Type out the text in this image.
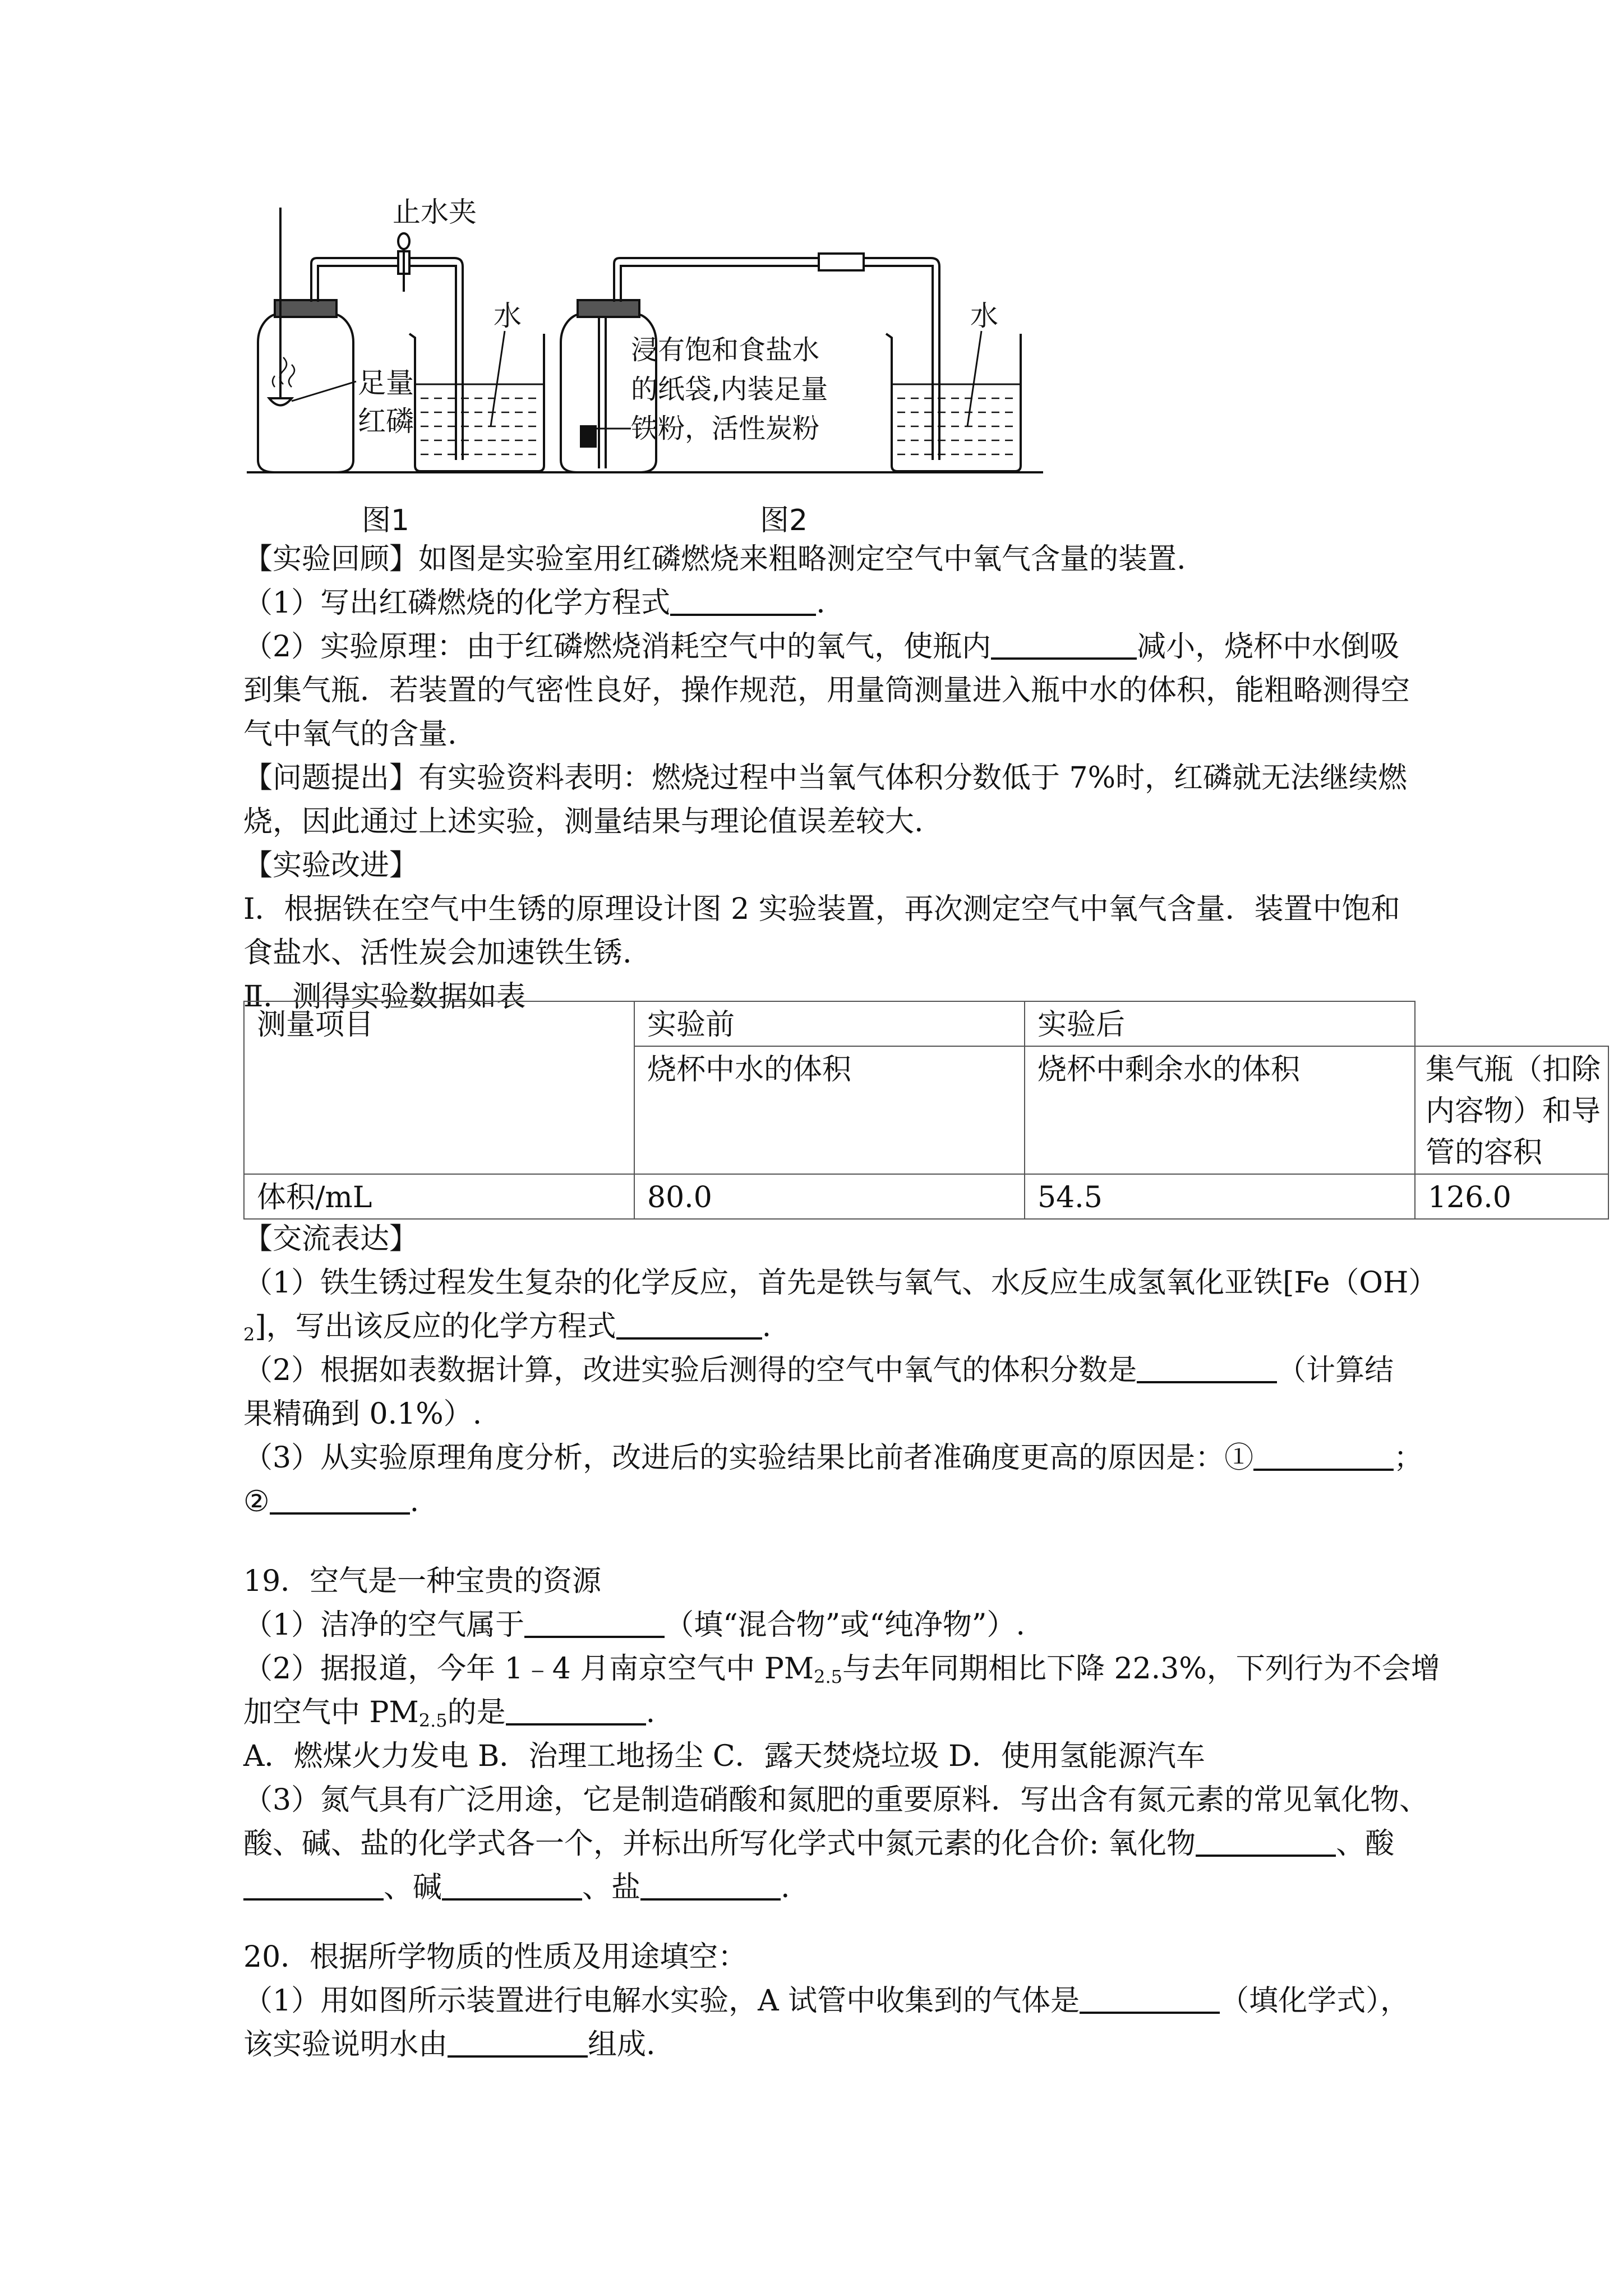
止水夹
水
足量
红磷
浸有饱和食盐水
的纸袋,内装足量
铁粉，活性炭粉
水
图1	图2
【实验回顾】如图是实验室用红磷燃烧来粗略测定空气中氧气含量的装置.
（1）写出红磷燃烧的化学方程式	.
（2）实验原理：由于红磷燃烧消耗空气中的氧气，使瓶内	减小，烧杯中水倒吸
到集气瓶．若装置的气密性良好，操作规范，用量筒测量进入瓶中水的体积，能粗略测得空
气中氧气的含量.
【问题提出】有实验资料表明：燃烧过程中当氧气体积分数低于 7%时，红磷就无法继续燃
烧，因此通过上述实验，测量结果与理论值误差较大.
【实验改进】
Ⅰ．根据铁在空气中生锈的原理设计图 2 实验装置，再次测定空气中氧气含量．装置中饱和
食盐水、活性炭会加速铁生锈.
Ⅱ．测得实验数据如表
测量项目	实验前	实验后	
	烧杯中水的体积	烧杯中剩余水的体积	集气瓶（扣除
内容物）和导
管的容积

体积/mL	80.0	54.5	126.0
【交流表达】
（1）铁生锈过程发生复杂的化学反应，首先是铁与氧气、水反应生成氢氧化亚铁[Fe（OH）
$_2$]，写出该反应的化学方程式	.
（2）根据如表数据计算，改进实验后测得的空气中氧气的体积分数是	（计算结
果精确到 0.1%）.
（3）从实验原理角度分析，改进后的实验结果比前者准确度更高的原因是：①	；
②	.
19．空气是一种宝贵的资源
（1）洁净的空气属于	（填“混合物”或“纯净物”）.
（2）据报道，今年 1﹣4 月南京空气中 $PM_{2.5}$与去年同期相比下降 22.3%，下列行为不会增
加空气中 $PM_{2.5}$的是	.
A．燃煤火力发电 B．治理工地扬尘 C．露天焚烧垃圾 D．使用氢能源汽车
（3）氮气具有广泛用途，它是制造硝酸和氮肥的重要原料．写出含有氮元素的常见氧化物、
酸、碱、盐的化学式各一个，并标出所写化学式中氮元素的化合价: 氧化物	、酸
、碱	、盐	.
20．根据所学物质的性质及用途填空：
（1）用如图所示装置进行电解水实验，A 试管中收集到的气体是	（填化学式），
该实验说明水由	组成.
